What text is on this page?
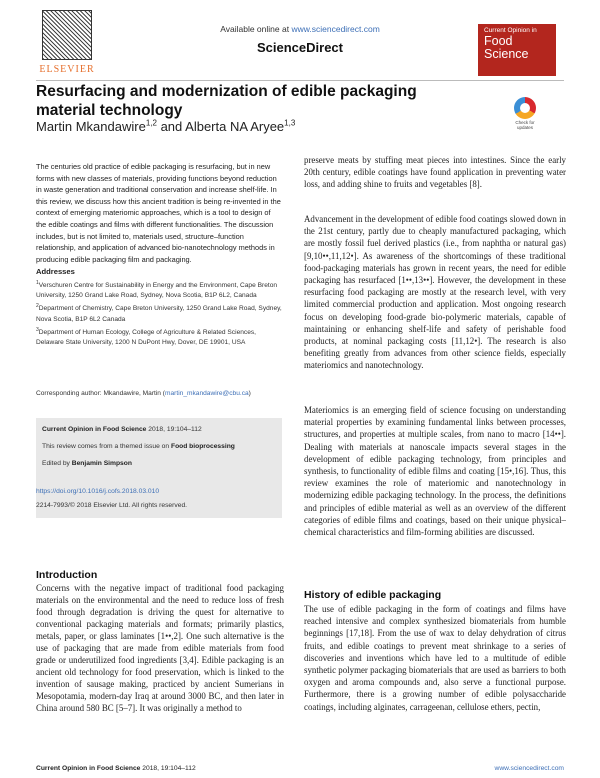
ELSEVIER
Available online at www.sciencedirect.com
ScienceDirect
Current Opinion in
Food
Science
Resurfacing and modernization of edible packaging material technology
Martin Mkandawire$^{1,2}$ and Alberta NA Aryee$^{1,3}$	Check for updates
The centuries old practice of edible packaging is resurfacing, but in new forms with new classes of materials, providing functions beyond reduction in waste generation and traditional conservation and increase shelf-life. In this review, we discuss how this ancient tradition is being re-invented in the context of emerging materiomic approaches, which is a tool to design of the edible coatings and films with different functionalities. The discussion includes, but is not limited to, materials used, structure–function relationship, and application of advanced bio-nanotechnology methods in producing edible packaging film and packaging.
Addresses
$^1$Verschuren Centre for Sustainability in Energy and the Environment, Cape Breton University, 1250 Grand Lake Road, Sydney, Nova Scotia, B1P 6L2, Canada
$^2$Department of Chemistry, Cape Breton University, 1250 Grand Lake Road, Sydney, Nova Scotia, B1P 6L2 Canada
$^3$Department of Human Ecology, College of Agriculture & Related Sciences, Delaware State University, 1200 N DuPont Hwy, Dover, DE 19901, USA
Corresponding author: Mkandawire, Martin (martin_mkandawire@cbu.ca)

Current Opinion in Food Science 2018, 19:104–112

This review comes from a themed issue on Food bioprocessing

Edited by Benjamin Simpson

https://doi.org/10.1016/j.cofs.2018.03.010
2214-7993/© 2018 Elsevier Ltd. All rights reserved.
Introduction
Concerns with the negative impact of traditional food packaging materials on the environmental and the need to reduce loss of fresh food through degradation is driving the quest for alternative to conventional packaging materials and formats; primarily plastics, metals, paper, or glass laminates [1••,2]. One such alternative is the use of packaging that are made from edible materials from food grade or underutilized food ingredients [3,4]. Edible packaging is an ancient old technology for food preservation, which is linked to the invention of sausage making, practiced by ancient Sumerians in Mesopotamia, modern-day Iraq at around 3000 BC, and then later in China around 580 BC [5–7]. It was originally a method to
preserve meats by stuffing meat pieces into intestines. Since the early 20th century, edible coatings have found application in preventing water loss, and adding shine to fruits and vegetables [8].
Advancement in the development of edible food coatings slowed down in the 21st century, partly due to cheaply manufactured packaging, which are mostly fossil fuel derived plastics (i.e., from naphtha or natural gas) [9,10••,11,12•]. As awareness of the shortcomings of these traditional food-packaging materials has grown in recent years, the need for edible packaging has resurfaced [1••,13••]. However, the development in these resurfacing food packaging are mostly at the research level, with very limited commercial production and application. Most ongoing research focus on developing food-grade bio-polymeric materials, capable of maintaining or enhancing shelf-life and safety of perishable food products, at nominal packaging costs [11,12•]. The research is also benefiting greatly from advances from other science fields, especially materiomics and nanotechnology.
Materiomics is an emerging field of science focusing on understanding material properties by examining fundamental links between processes, structures, and properties at multiple scales, from nano to macro [14••]. Dealing with materials at nanoscale impacts several stages in the development of edible packaging technology, from principles and synthesis, to functionality of edible films and coating [15•,16]. Thus, this review examines the role of materiomic and nanotechnology in modernizing edible packaging technology. In the process, the definitions and principles of edible material as well as an overview of the different categories of edible films and coatings, based on their unique physical–chemical characteristics and film-forming abilities are discussed.
History of edible packaging
The use of edible packaging in the form of coatings and films have reached intensive and complex synthesized biomaterials from humble beginnings [17,18]. From the use of wax to delay dehydration of citrus fruits, and edible coatings to prevent meat shrinkage to a series of discoveries and inventions which have led to a multitude of edible synthetic polymer packaging biomaterials that are used as barriers to both oxygen and aroma compounds and, also serve a functional purpose. Furthermore, there is a growing number of edible polysaccharide coatings, including alginates, carrageenan, cellulose ethers, pectin,
Current Opinion in Food Science 2018, 19:104–112	www.sciencedirect.com
